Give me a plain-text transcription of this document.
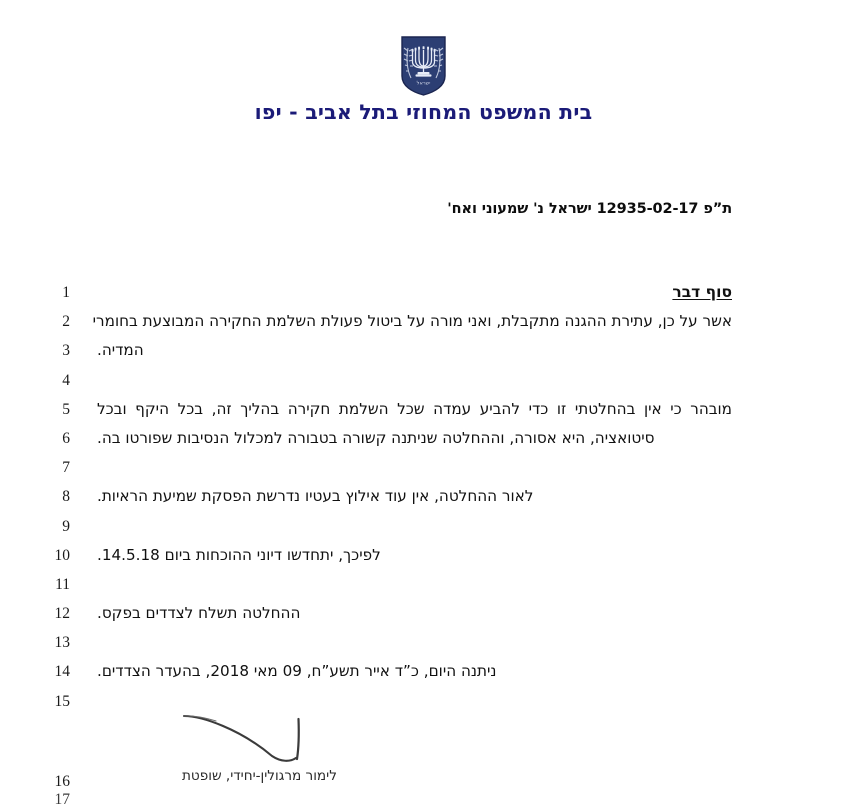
ישראל
בית המשפט המחוזי בתל אביב - יפו
ת”פ 12935-02-17 ישראל נ' שמעוני ואח'
1	סוף דבר
2 אשר על כן, עתירת ההגנה מתקבלת, ואני מורה על ביטול פעולת השלמת החקירה המבוצעת בחומרי
3 המדיה.
4
5 מובהר כי אין בהחלטתי זו כדי להביע עמדה שכל השלמת חקירה בהליך זה, בכל היקף ובכל
6 סיטואציה, היא אסורה, וההחלטה שניתנה קשורה בטבורה למכלול הנסיבות שפורטו בה.
7
8 לאור ההחלטה, אין עוד אילוץ בעטיו נדרשת הפסקת שמיעת הראיות.
9
10 לפיכך, יתחדשו דיוני ההוכחות ביום 14.5.18.
11
12 ההחלטה תשלח לצדדים בפקס.
13
14 ניתנה היום, כ”ד אייר תשע”ח, 09 מאי 2018, בהעדר הצדדים.
15
לימור מרגולין-יחידי, שופטת
16
17
